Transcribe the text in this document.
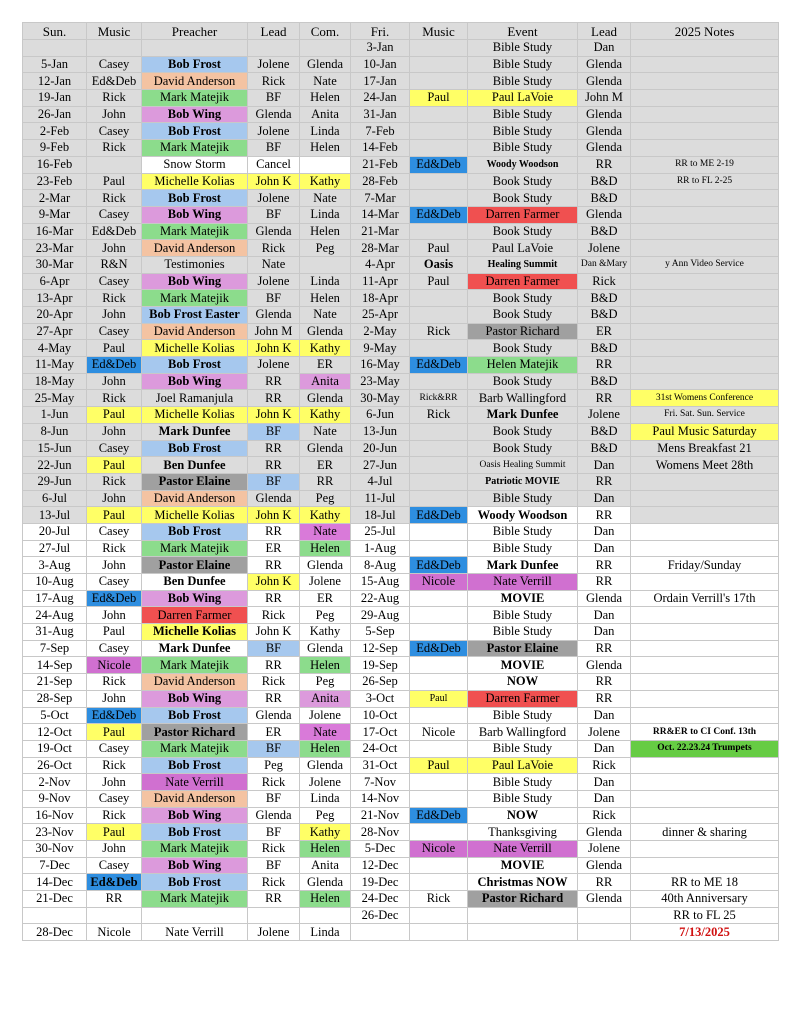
Sun.	Music	Preacher	Lead	Com.	Fri.	Music	Event	Lead	2025 Notes
					3-Jan		Bible Study	Dan	
5-Jan	Casey	Bob Frost	Jolene	Glenda	10-Jan		Bible Study	Glenda	
12-Jan	Ed&Deb	David Anderson	Rick	Nate	17-Jan		Bible Study	Glenda	
19-Jan	Rick	Mark Matejik	BF	Helen	24-Jan	Paul	Paul LaVoie	John M	
26-Jan	John	Bob Wing	Glenda	Anita	31-Jan		Bible Study	Glenda	
2-Feb	Casey	Bob Frost	Jolene	Linda	7-Feb		Bible Study	Glenda	
9-Feb	Rick	Mark Matejik	BF	Helen	14-Feb		Bible Study	Glenda	
16-Feb		Snow Storm	Cancel		21-Feb	Ed&Deb	Woody Woodson	RR	RR to ME 2-19
23-Feb	Paul	Michelle Kolias	John K	Kathy	28-Feb		Book Study	B&D	RR to FL 2-25
2-Mar	Rick	Bob Frost	Jolene	Nate	7-Mar		Book Study	B&D	
9-Mar	Casey	Bob Wing	BF	Linda	14-Mar	Ed&Deb	Darren Farmer	Glenda	
16-Mar	Ed&Deb	Mark Matejik	Glenda	Helen	21-Mar		Book Study	B&D	
23-Mar	John	David Anderson	Rick	Peg	28-Mar	Paul	Paul LaVoie	Jolene	
30-Mar	R&N	Testimonies	Nate		4-Apr	Oasis	Healing Summit	Dan &Mary	y Ann Video Service
6-Apr	Casey	Bob Wing	Jolene	Linda	11-Apr	Paul	Darren Farmer	Rick	
13-Apr	Rick	Mark Matejik	BF	Helen	18-Apr		Book Study	B&D	
20-Apr	John	Bob Frost Easter	Glenda	Nate	25-Apr		Book Study	B&D	
27-Apr	Casey	David Anderson	John M	Glenda	2-May	Rick	Pastor Richard	ER	
4-May	Paul	Michelle Kolias	John K	Kathy	9-May		Book Study	B&D	
11-May	Ed&Deb	Bob Frost	Jolene	ER	16-May	Ed&Deb	Helen Matejik	RR	
18-May	John	Bob Wing	RR	Anita	23-May		Book Study	B&D	
25-May	Rick	Joel Ramanjula	RR	Glenda	30-May	Rick&RR	Barb Wallingford	RR	31st Womens Conference
1-Jun	Paul	Michelle Kolias	John K	Kathy	6-Jun	Rick	Mark Dunfee	Jolene	Fri. Sat. Sun. Service
8-Jun	John	Mark Dunfee	BF	Nate	13-Jun		Book Study	B&D	Paul Music Saturday
15-Jun	Casey	Bob Frost	RR	Glenda	20-Jun		Book Study	B&D	Mens Breakfast 21
22-Jun	Paul	Ben Dunfee	RR	ER	27-Jun		Oasis Healing Summit	Dan	Womens Meet 28th
29-Jun	Rick	Pastor Elaine	BF	RR	4-Jul		Patriotic MOVIE	RR	
6-Jul	John	David Anderson	Glenda	Peg	11-Jul		Bible Study	Dan	
13-Jul	Paul	Michelle Kolias	John K	Kathy	18-Jul	Ed&Deb	Woody Woodson	RR	
20-Jul	Casey	Bob Frost	RR	Nate	25-Jul		Bible Study	Dan	
27-Jul	Rick	Mark Matejik	ER	Helen	1-Aug		Bible Study	Dan	
3-Aug	John	Pastor Elaine	RR	Glenda	8-Aug	Ed&Deb	Mark Dunfee	RR	Friday/Sunday
10-Aug	Casey	Ben Dunfee	John K	Jolene	15-Aug	Nicole	Nate Verrill	RR	
17-Aug	Ed&Deb	Bob Wing	RR	ER	22-Aug		MOVIE	Glenda	Ordain Verrill's 17th
24-Aug	John	Darren Farmer	Rick	Peg	29-Aug		Bible Study	Dan	
31-Aug	Paul	Michelle Kolias	John K	Kathy	5-Sep		Bible Study	Dan	
7-Sep	Casey	Mark Dunfee	BF	Glenda	12-Sep	Ed&Deb	Pastor Elaine	RR	
14-Sep	Nicole	Mark Matejik	RR	Helen	19-Sep		MOVIE	Glenda	
21-Sep	Rick	David Anderson	Rick	Peg	26-Sep		NOW	RR	
28-Sep	John	Bob Wing	RR	Anita	3-Oct	Paul	Darren Farmer	RR	
5-Oct	Ed&Deb	Bob Frost	Glenda	Jolene	10-Oct		Bible Study	Dan	
12-Oct	Paul	Pastor Richard	ER	Nate	17-Oct	Nicole	Barb Wallingford	Jolene	RR&ER to CI Conf. 13th
19-Oct	Casey	Mark Matejik	BF	Helen	24-Oct		Bible Study	Dan	Oct. 22.23.24 Trumpets
26-Oct	Rick	Bob Frost	Peg	Glenda	31-Oct	Paul	Paul LaVoie	Rick	
2-Nov	John	Nate Verrill	Rick	Jolene	7-Nov		Bible Study	Dan	
9-Nov	Casey	David Anderson	BF	Linda	14-Nov		Bible Study	Dan	
16-Nov	Rick	Bob Wing	Glenda	Peg	21-Nov	Ed&Deb	NOW	Rick	
23-Nov	Paul	Bob Frost	BF	Kathy	28-Nov		Thanksgiving	Glenda	dinner & sharing
30-Nov	John	Mark Matejik	Rick	Helen	5-Dec	Nicole	Nate Verrill	Jolene	
7-Dec	Casey	Bob Wing	BF	Anita	12-Dec		MOVIE	Glenda	
14-Dec	Ed&Deb	Bob Frost	Rick	Glenda	19-Dec		Christmas NOW	RR	RR to ME 18
21-Dec	RR	Mark Matejik	RR	Helen	24-Dec	Rick	Pastor Richard	Glenda	40th Anniversary
					26-Dec				RR to FL 25
28-Dec	Nicole	Nate Verrill	Jolene	Linda					7/13/2025
